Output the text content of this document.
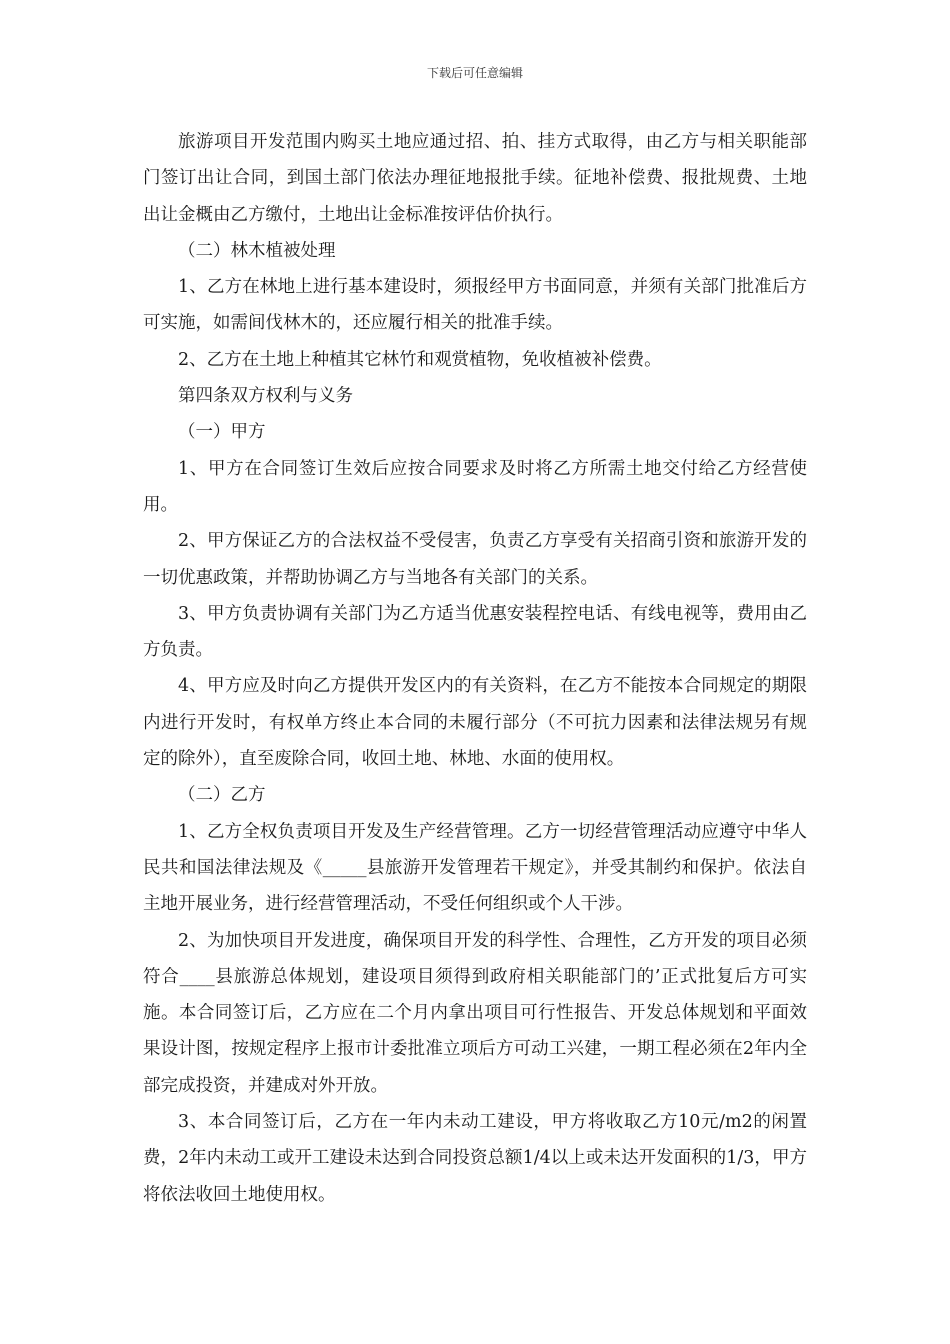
下载后可任意编辑

旅游项目开发范围内购买土地应通过招、拍、挂方式取得，由乙方与相关职能部门签订出让合同，到国土部门依法办理征地报批手续。征地补偿费、报批规费、土地出让金概由乙方缴付，土地出让金标准按评估价执行。

（二）林木植被处理

1、乙方在林地上进行基本建设时，须报经甲方书面同意，并须有关部门批准后方可实施，如需间伐林木的，还应履行相关的批准手续。

2、乙方在土地上种植其它林竹和观赏植物，免收植被补偿费。

第四条双方权利与义务

（一）甲方

1、甲方在合同签订生效后应按合同要求及时将乙方所需土地交付给乙方经营使用。

2、甲方保证乙方的合法权益不受侵害，负责乙方享受有关招商引资和旅游开发的一切优惠政策，并帮助协调乙方与当地各有关部门的关系。

3、甲方负责协调有关部门为乙方适当优惠安装程控电话、有线电视等，费用由乙方负责。

4、甲方应及时向乙方提供开发区内的有关资料，在乙方不能按本合同规定的期限内进行开发时，有权单方终止本合同的未履行部分（不可抗力因素和法律法规另有规定的除外），直至废除合同，收回土地、林地、水面的使用权。

（二）乙方

1、乙方全权负责项目开发及生产经营管理。乙方一切经营管理活动应遵守中华人民共和国法律法规及《_____县旅游开发管理若干规定》，并受其制约和保护。依法自主地开展业务，进行经营管理活动，不受任何组织或个人干涉。

2、为加快项目开发进度，确保项目开发的科学性、合理性，乙方开发的项目必须符合____县旅游总体规划，建设项目须得到政府相关职能部门的’正式批复后方可实施。本合同签订后，乙方应在二个月内拿出项目可行性报告、开发总体规划和平面效果设计图，按规定程序上报市计委批准立项后方可动工兴建，一期工程必须在2年内全部完成投资，并建成对外开放。

3、本合同签订后，乙方在一年内未动工建设，甲方将收取乙方10元/m2的闲置费，2年内未动工或开工建设未达到合同投资总额1/4以上或未达开发面积的1/3，甲方将依法收回土地使用权。
